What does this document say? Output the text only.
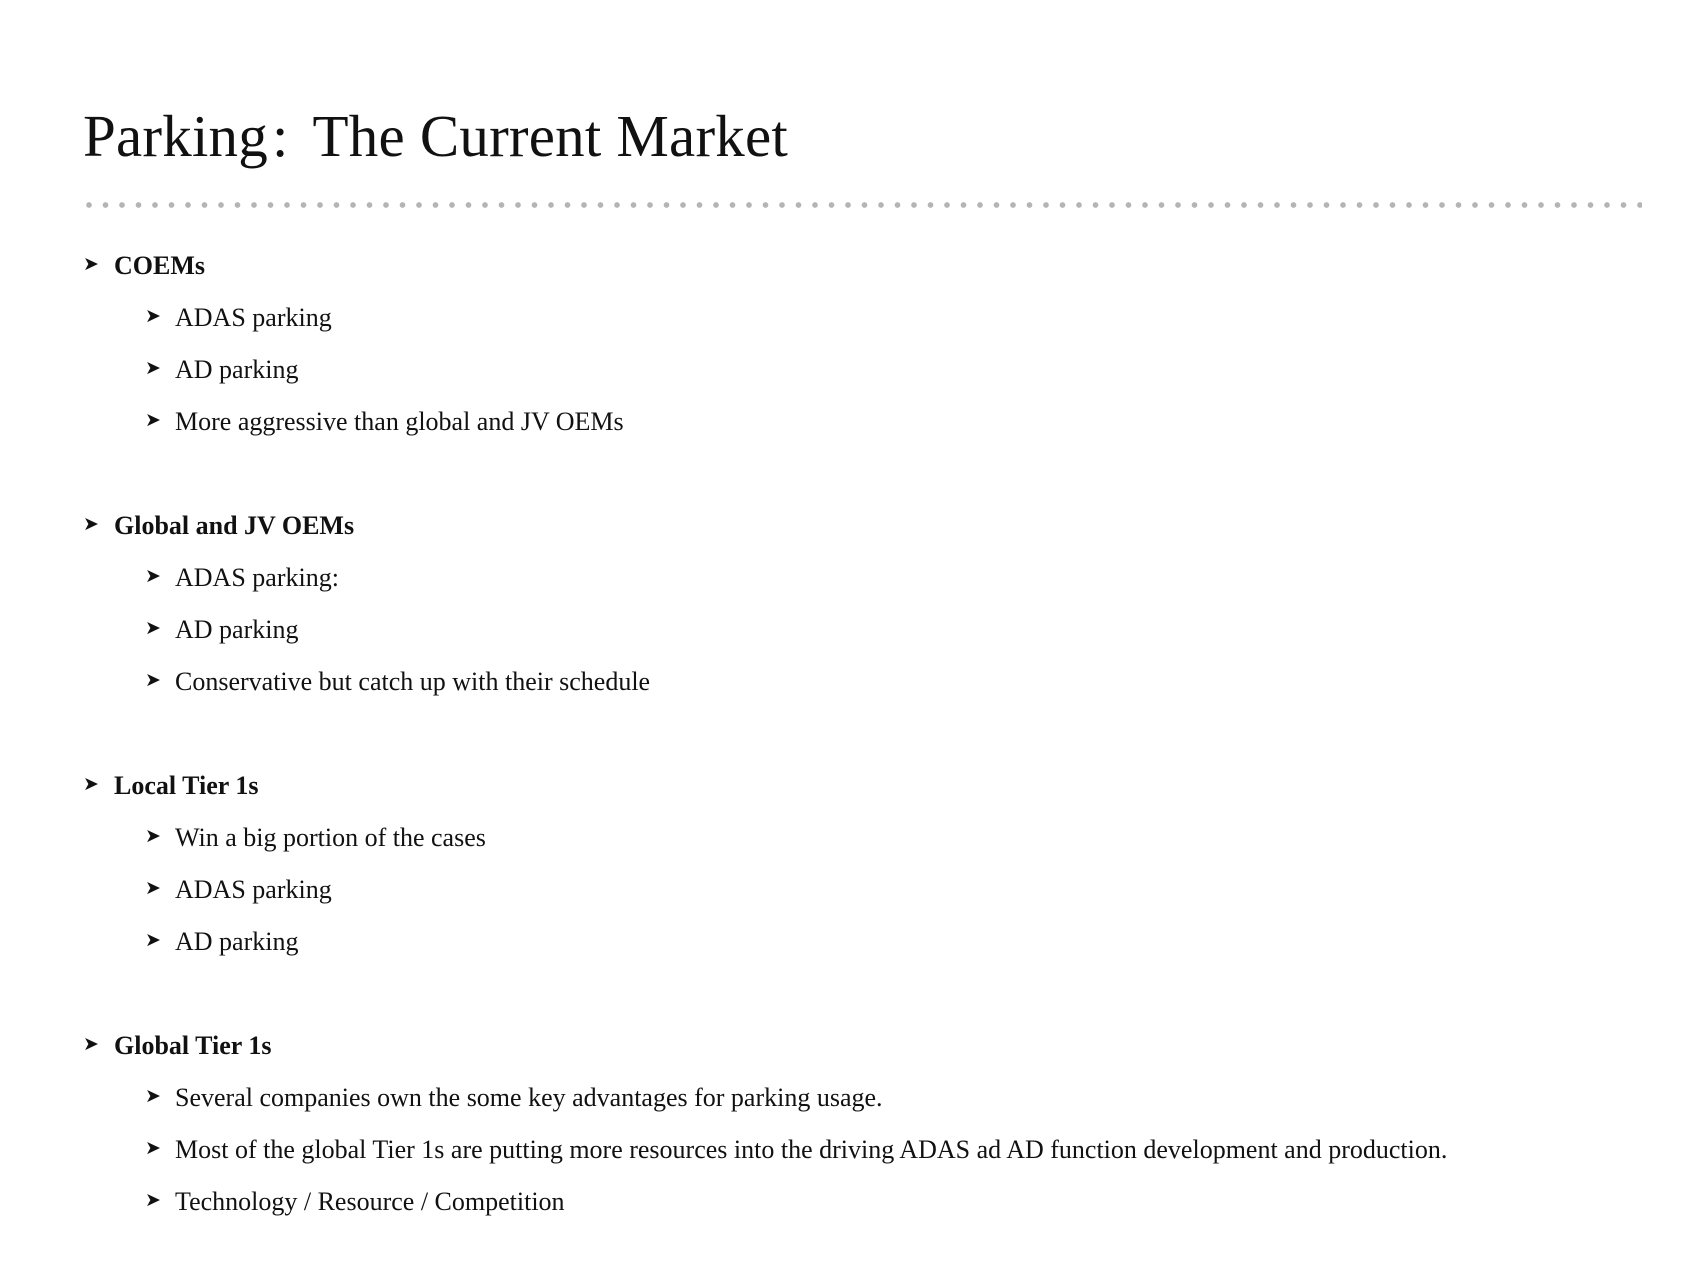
Parking: The Current Market
➤ COEMs
➤ ADAS parking
➤ AD parking
➤ More aggressive than global and JV OEMs
➤ Global and JV OEMs
➤ ADAS parking:
➤ AD parking
➤ Conservative but catch up with their schedule
➤ Local Tier 1s
➤ Win a big portion of the cases
➤ ADAS parking
➤ AD parking
➤ Global Tier 1s
➤ Several companies own the some key advantages for parking usage.
➤ Most of the global Tier 1s are putting more resources into the driving ADAS ad AD function development and production.
➤ Technology / Resource / Competition
